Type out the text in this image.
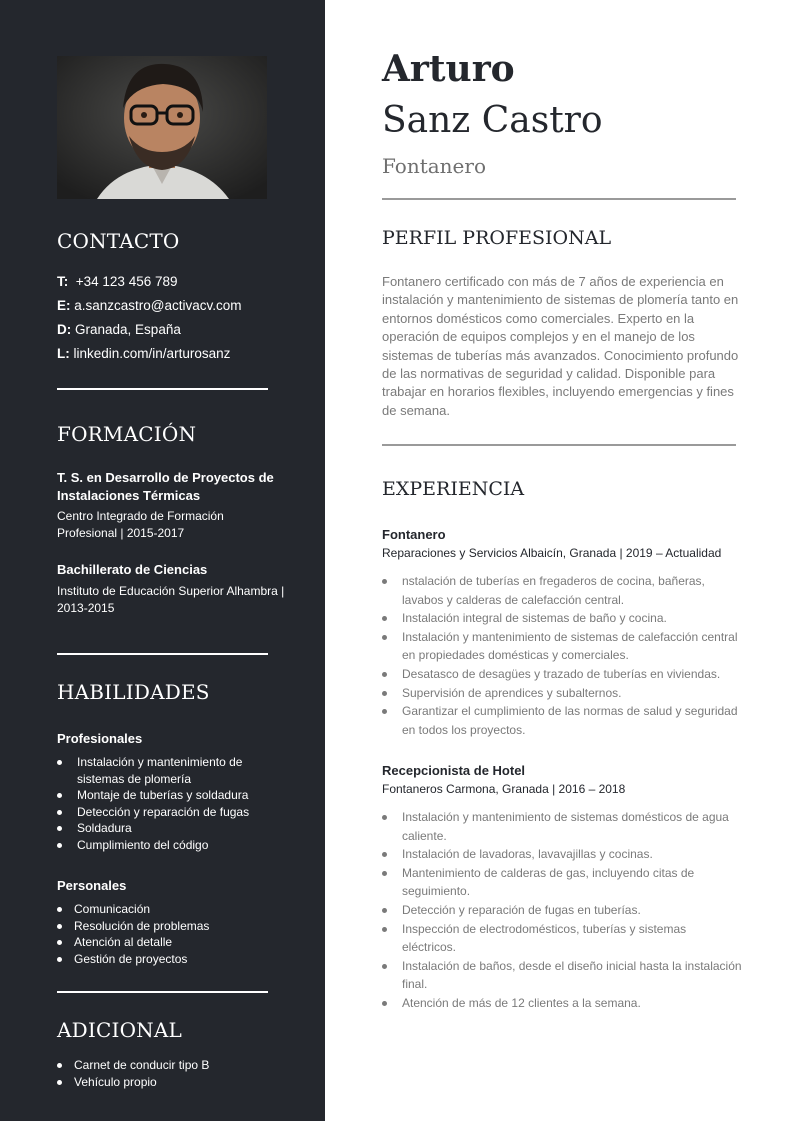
CONTACTO
T: +34 123 456 789
E: a.sanzcastro@activacv.com
D: Granada, España
L: linkedin.com/in/arturosanz
FORMACIÓN
T. S. en Desarrollo de Proyectos de Instalaciones Térmicas
Centro Integrado de Formación Profesional | 2015-2017
Bachillerato de Ciencias
Instituto de Educación Superior Alhambra | 2013-2015
HABILIDADES
Profesionales
Instalación y mantenimiento de sistemas de plomería
Montaje de tuberías y soldadura
Detección y reparación de fugas
Soldadura
Cumplimiento del código
Personales
Comunicación
Resolución de problemas
Atención al detalle
Gestión de proyectos
ADICIONAL
Carnet de conducir tipo B
Vehículo propio
Arturo
Sanz Castro
Fontanero
PERFIL PROFESIONAL
Fontanero certificado con más de 7 años de experiencia en instalación y mantenimiento de sistemas de plomería tanto en entornos domésticos como comerciales. Experto en la operación de equipos complejos y en el manejo de los sistemas de tuberías más avanzados. Conocimiento profundo de las normativas de seguridad y calidad. Disponible para trabajar en horarios flexibles, incluyendo emergencias y fines de semana.
EXPERIENCIA
Fontanero
Reparaciones y Servicios Albaicín, Granada | 2019 – Actualidad
nstalación de tuberías en fregaderos de cocina, bañeras, lavabos y calderas de calefacción central.
Instalación integral de sistemas de baño y cocina.
Instalación y mantenimiento de sistemas de calefacción central en propiedades domésticas y comerciales.
Desatasco de desagües y trazado de tuberías en viviendas.
Supervisión de aprendices y subalternos.
Garantizar el cumplimiento de las normas de salud y seguridad en todos los proyectos.
Recepcionista de Hotel
Fontaneros Carmona, Granada | 2016 – 2018
Instalación y mantenimiento de sistemas domésticos de agua caliente.
Instalación de lavadoras, lavavajillas y cocinas.
Mantenimiento de calderas de gas, incluyendo citas de seguimiento.
Detección y reparación de fugas en tuberías.
Inspección de electrodomésticos, tuberías y sistemas eléctricos.
Instalación de baños, desde el diseño inicial hasta la instalación final.
Atención de más de 12 clientes a la semana.
